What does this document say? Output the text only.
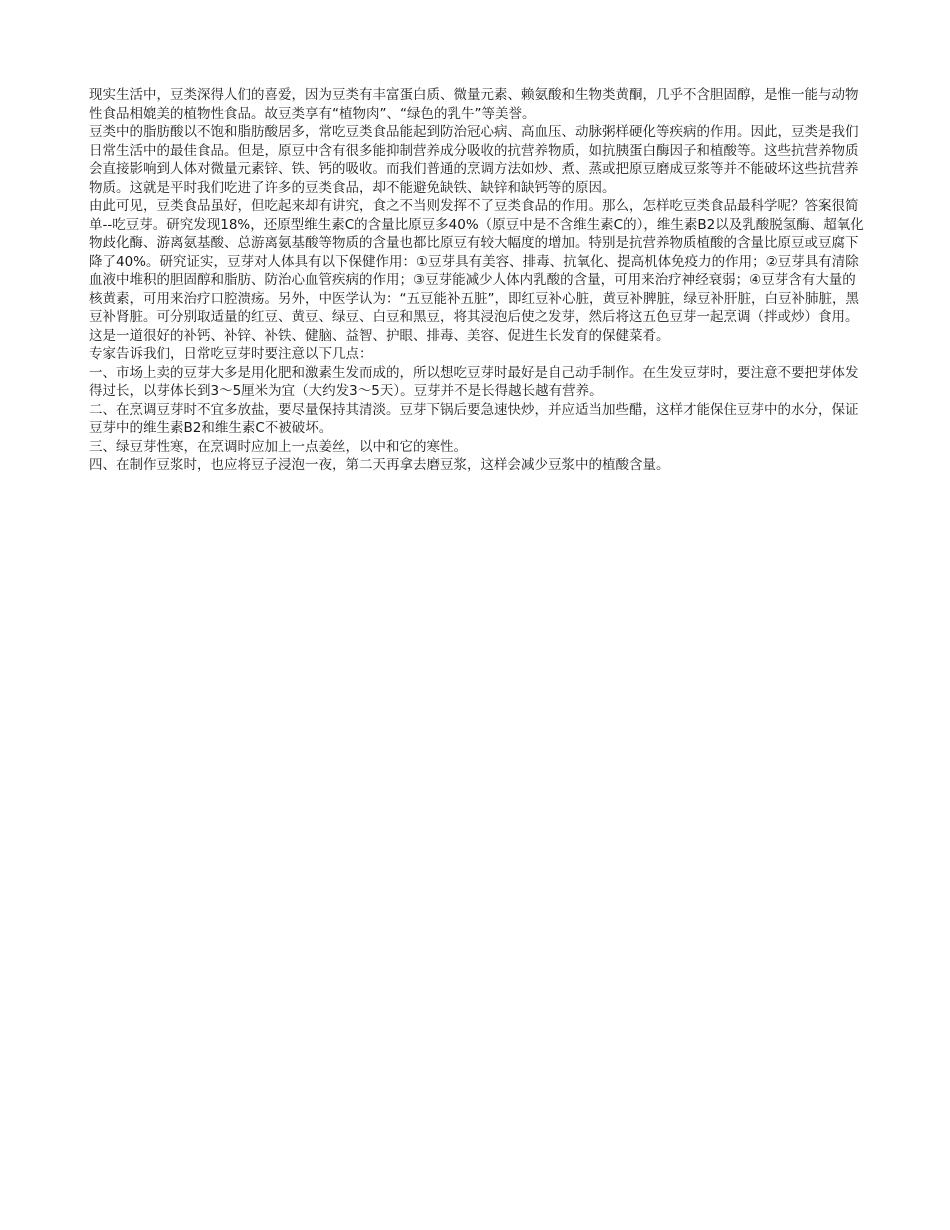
现实生活中，豆类深得人们的喜爱，因为豆类有丰富蛋白质、微量元素、赖氨酸和生物类黄酮，几乎不含胆固醇，是惟一能与动物性食品相媲美的植物性食品。故豆类享有“植物肉”、“绿色的乳牛”等美誉。

豆类中的脂肪酸以不饱和脂肪酸居多，常吃豆类食品能起到防治冠心病、高血压、动脉粥样硬化等疾病的作用。因此，豆类是我们日常生活中的最佳食品。但是，原豆中含有很多能抑制营养成分吸收的抗营养物质，如抗胰蛋白酶因子和植酸等。这些抗营养物质会直接影响到人体对微量元素锌、铁、钙的吸收。而我们普通的烹调方法如炒、煮、蒸或把原豆磨成豆浆等并不能破坏这些抗营养物质。这就是平时我们吃进了许多的豆类食品，却不能避免缺铁、缺锌和缺钙等的原因。

由此可见，豆类食品虽好，但吃起来却有讲究，食之不当则发挥不了豆类食品的作用。那么，怎样吃豆类食品最科学呢？答案很简单--吃豆芽。研究发现18%，还原型维生素C的含量比原豆多40%（原豆中是不含维生素C的），维生素B2以及乳酸脱氢酶、超氧化物歧化酶、游离氨基酸、总游离氨基酸等物质的含量也都比原豆有较大幅度的增加。特别是抗营养物质植酸的含量比原豆或豆腐下降了40%。研究证实，豆芽对人体具有以下保健作用：①豆芽具有美容、排毒、抗氧化、提高机体免疫力的作用；②豆芽具有清除血液中堆积的胆固醇和脂肪、防治心血管疾病的作用；③豆芽能减少人体内乳酸的含量，可用来治疗神经衰弱；④豆芽含有大量的核黄素，可用来治疗口腔溃疡。另外，中医学认为：“五豆能补五脏”，即红豆补心脏，黄豆补脾脏，绿豆补肝脏，白豆补肺脏，黑豆补肾脏。可分别取适量的红豆、黄豆、绿豆、白豆和黑豆，将其浸泡后使之发芽，然后将这五色豆芽一起烹调（拌或炒）食用。这是一道很好的补钙、补锌、补铁、健脑、益智、护眼、排毒、美容、促进生长发育的保健菜肴。

专家告诉我们，日常吃豆芽时要注意以下几点：

一、市场上卖的豆芽大多是用化肥和激素生发而成的，所以想吃豆芽时最好是自己动手制作。在生发豆芽时，要注意不要把芽体发得过长，以芽体长到3～5厘米为宜（大约发3～5天）。豆芽并不是长得越长越有营养。

二、在烹调豆芽时不宜多放盐，要尽量保持其清淡。豆芽下锅后要急速快炒，并应适当加些醋，这样才能保住豆芽中的水分，保证豆芽中的维生素B2和维生素C不被破坏。

三、绿豆芽性寒，在烹调时应加上一点姜丝，以中和它的寒性。

四、在制作豆浆时，也应将豆子浸泡一夜，第二天再拿去磨豆浆，这样会减少豆浆中的植酸含量。
